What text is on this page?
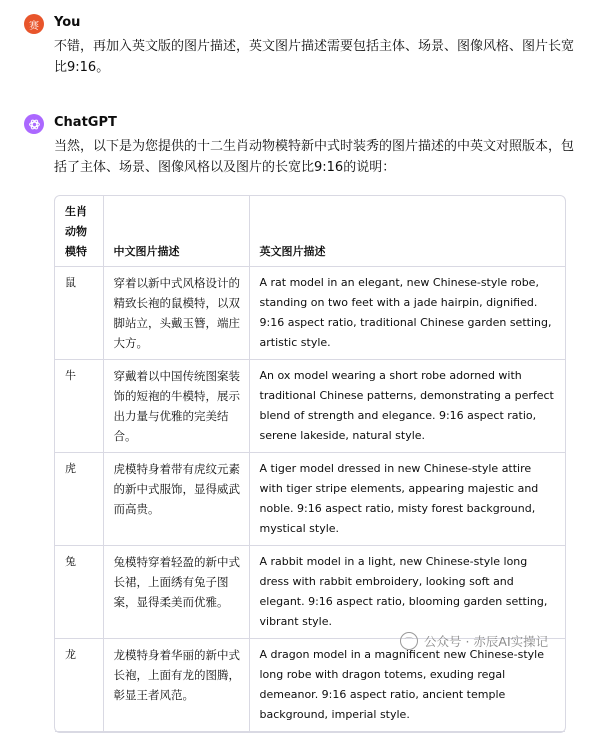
赛 You
不错，再加入英文版的图片描述，英文图片描述需要包括主体、场景、图像风格、图片长宽比9:16。
ChatGPT
当然，以下是为您提供的十二生肖动物模特新中式时装秀的图片描述的中英文对照版本，包括了主体、场景、图像风格以及图片的长宽比9:16的说明：
生肖动物模特	中文图片描述	英文图片描述
鼠	穿着以新中式风格设计的精致长袍的鼠模特，以双脚站立，头戴玉簪，端庄大方。	A rat model in an elegant, new Chinese-style robe, standing on two feet with a jade hairpin, dignified. 9:16 aspect ratio, traditional Chinese garden setting, artistic style.
牛	穿戴着以中国传统图案装饰的短袍的牛模特，展示出力量与优雅的完美结合。	An ox model wearing a short robe adorned with traditional Chinese patterns, demonstrating a perfect blend of strength and elegance. 9:16 aspect ratio, serene lakeside, natural style.
虎	虎模特身着带有虎纹元素的新中式服饰，显得威武而高贵。	A tiger model dressed in new Chinese-style attire with tiger stripe elements, appearing majestic and noble. 9:16 aspect ratio, misty forest background, mystical style.
兔	兔模特穿着轻盈的新中式长裙，上面绣有兔子图案，显得柔美而优雅。	A rabbit model in a light, new Chinese-style long dress with rabbit embroidery, looking soft and elegant. 9:16 aspect ratio, blooming garden setting, vibrant style.
龙	龙模特身着华丽的新中式长袍，上面有龙的图腾，彰显王者风范。	A dragon model in a magnificent new Chinese-style long robe with dragon totems, exuding regal demeanor. 9:16 aspect ratio, ancient temple background, imperial style.
⌒ 公众号 · 赤辰AI实操记
